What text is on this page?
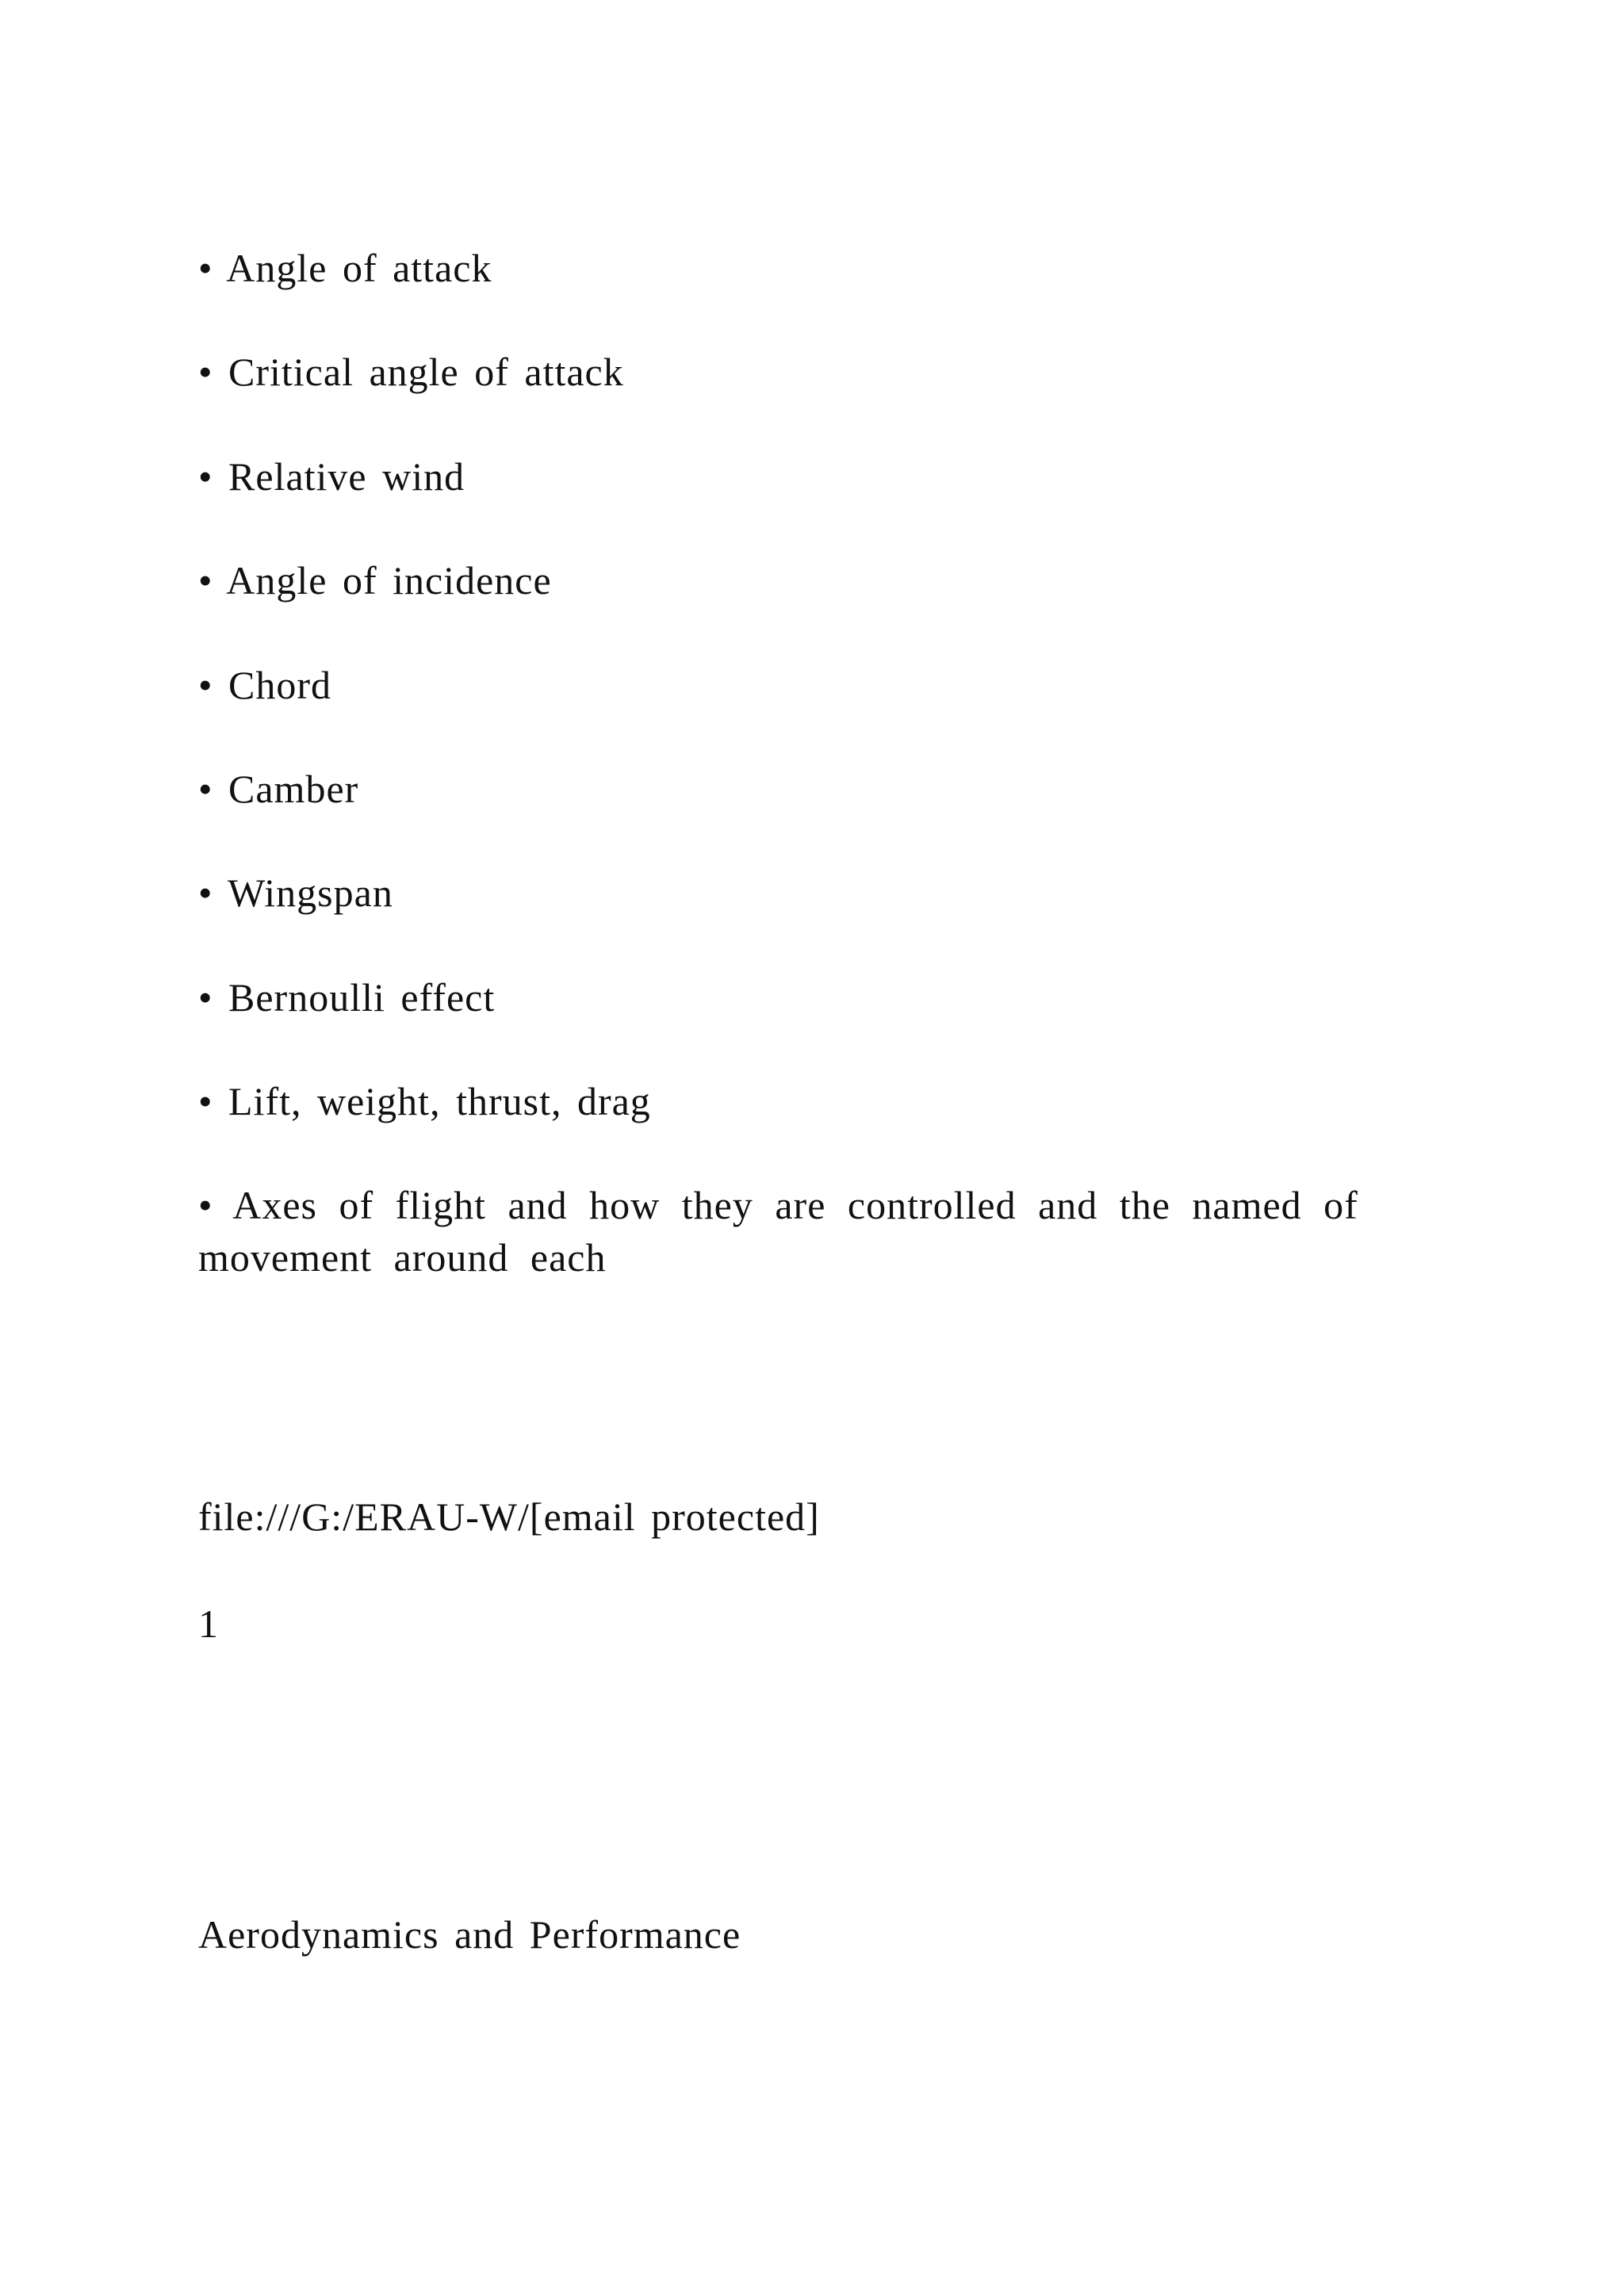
• Angle of attack
• Critical angle of attack
• Relative wind
• Angle of incidence
• Chord
• Camber
• Wingspan
• Bernoulli effect
• Lift, weight, thrust, drag
• Axes of flight and how they are controlled and the named of movement around each
file:///G:/ERAU-W/[email protected]
1
Aerodynamics and Performance
